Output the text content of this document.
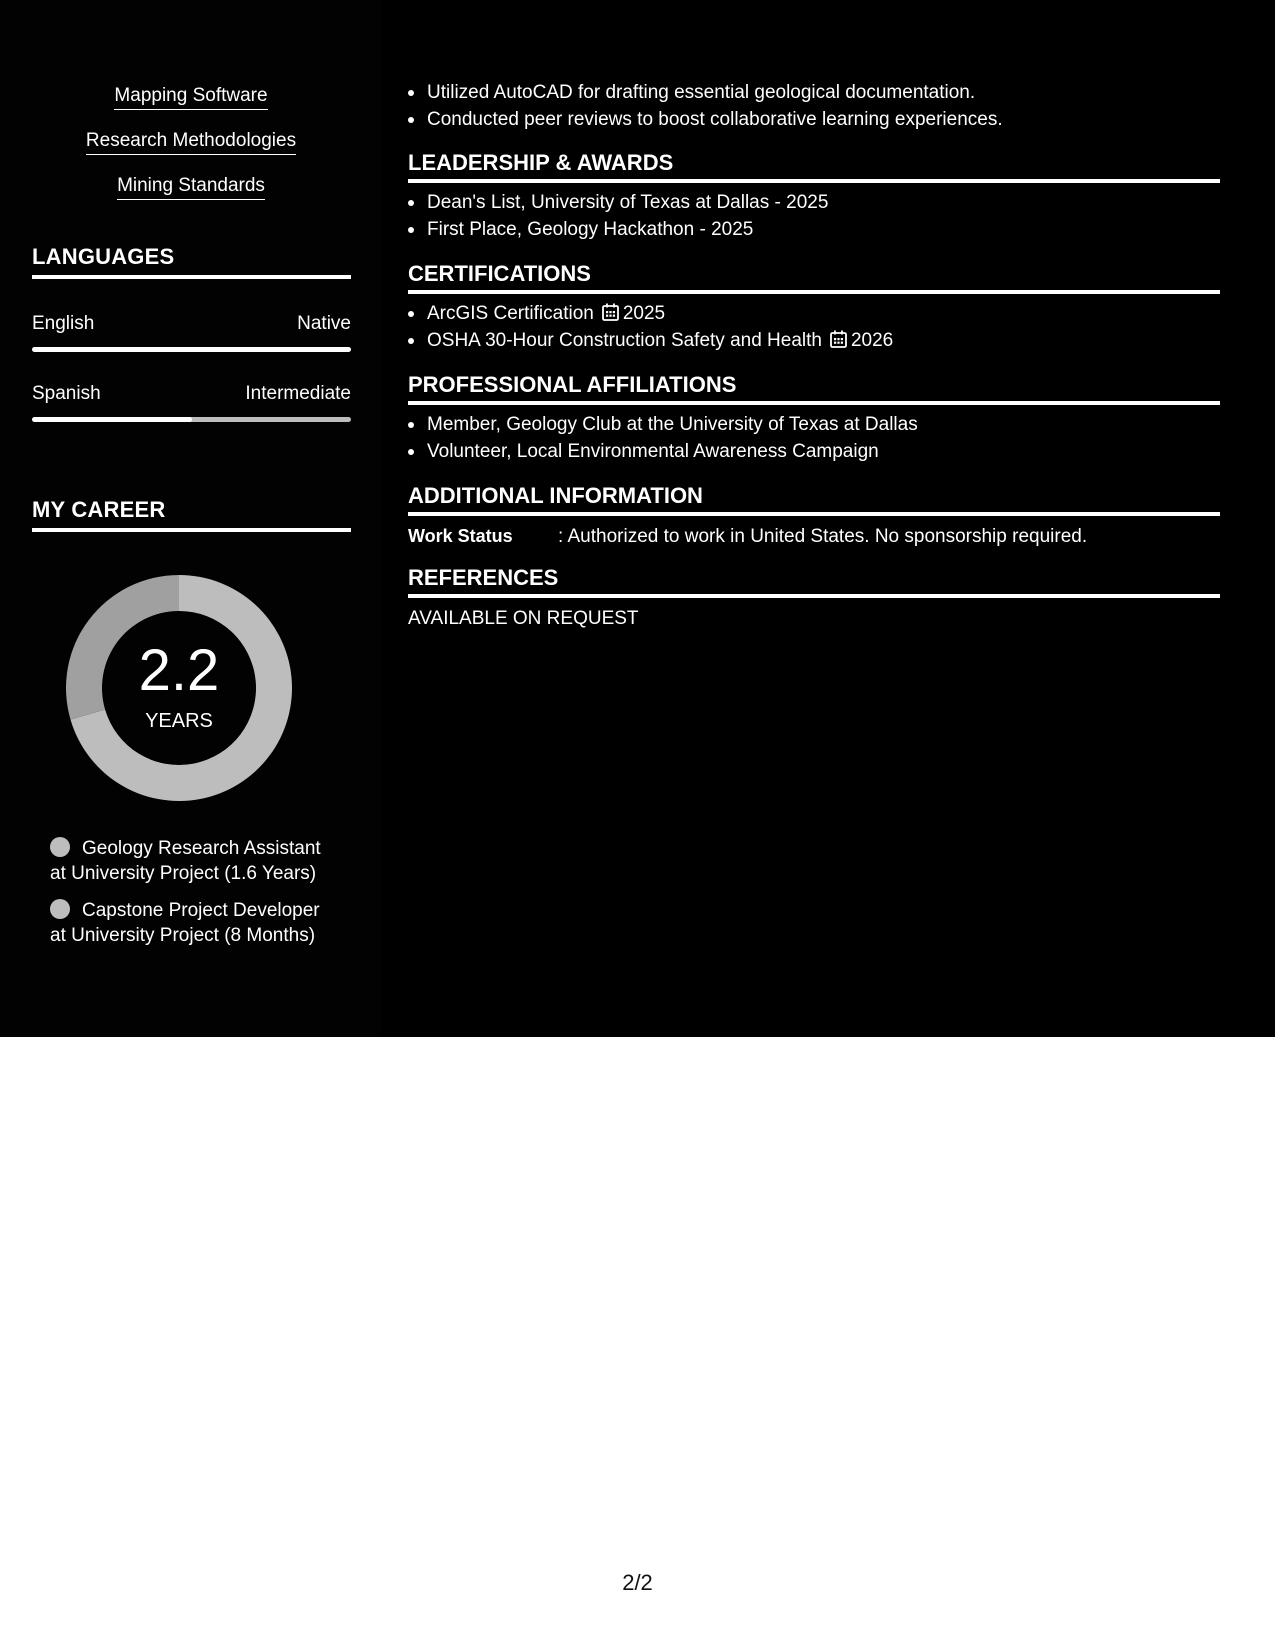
Mapping Software
Research Methodologies
Mining Standards
LANGUAGES
English	Native
Spanish	Intermediate
MY CAREER
2.2
YEARS
Geology Research Assistant
at University Project (1.6 Years)
Capstone Project Developer
at University Project (8 Months)
Utilized AutoCAD for drafting essential geological documentation.
Conducted peer reviews to boost collaborative learning experiences.
LEADERSHIP & AWARDS
Dean's List, University of Texas at Dallas - 2025
First Place, Geology Hackathon - 2025
CERTIFICATIONS
ArcGIS Certification 2025
OSHA 30-Hour Construction Safety and Health 2026
PROFESSIONAL AFFILIATIONS
Member, Geology Club at the University of Texas at Dallas
Volunteer, Local Environmental Awareness Campaign
ADDITIONAL INFORMATION
Work Status : Authorized to work in United States. No sponsorship required.
REFERENCES
AVAILABLE ON REQUEST
2/2
